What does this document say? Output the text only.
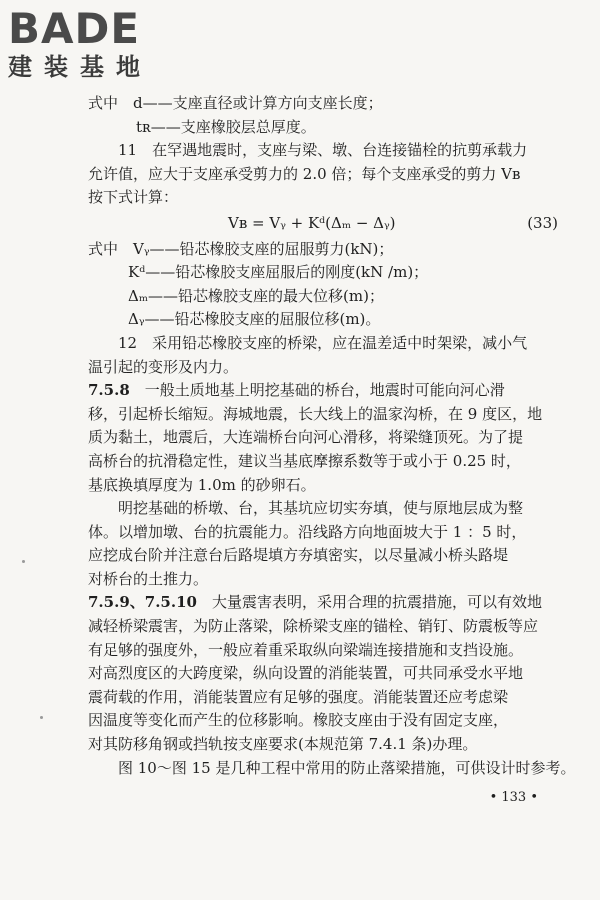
BADE
建装基地
式中　d——支座直径或计算方向支座长度；
tʀ——支座橡胶层总厚度。
11　在罕遇地震时，支座与梁、墩、台连接锚栓的抗剪承载力
允许值，应大于支座承受剪力的 2.0 倍；每个支座承受的剪力 Vʙ
按下式计算：
Vʙ = Vᵧ + Kᵈ(Δₘ − Δᵧ)	(33)
式中　Vᵧ——铅芯橡胶支座的屈服剪力(kN)；
Kᵈ——铅芯橡胶支座屈服后的刚度(kN /m)；
Δₘ——铅芯橡胶支座的最大位移(m)；
Δᵧ——铅芯橡胶支座的屈服位移(m)。
12　采用铅芯橡胶支座的桥梁，应在温差适中时架梁，减小气
温引起的变形及内力。
7.5.8　一般土质地基上明挖基础的桥台，地震时可能向河心滑
移，引起桥长缩短。海城地震，长大线上的温家沟桥，在 9 度区，地
质为黏土，地震后，大连端桥台向河心滑移，将梁缝顶死。为了提
高桥台的抗滑稳定性，建议当基底摩擦系数等于或小于 0.25 时，
基底换填厚度为 1.0m 的砂卵石。
明挖基础的桥墩、台，其基坑应切实夯填，使与原地层成为整
体。以增加墩、台的抗震能力。沿线路方向地面坡大于 1 ：5 时，
应挖成台阶并注意台后路堤填方夯填密实，以尽量减小桥头路堤
对桥台的土推力。
7.5.9、7.5.10　大量震害表明，采用合理的抗震措施，可以有效地
减轻桥梁震害，为防止落梁，除桥梁支座的锚栓、销钉、防震板等应
有足够的强度外，一般应着重采取纵向梁端连接措施和支挡设施。
对高烈度区的大跨度梁，纵向设置的消能装置，可共同承受水平地
震荷载的作用，消能装置应有足够的强度。消能装置还应考虑梁
因温度等变化而产生的位移影响。橡胶支座由于没有固定支座，
对其防移角钢或挡轨按支座要求(本规范第 7.4.1 条)办理。
图 10～图 15 是几种工程中常用的防止落梁措施，可供设计时参考。
• 133 •
